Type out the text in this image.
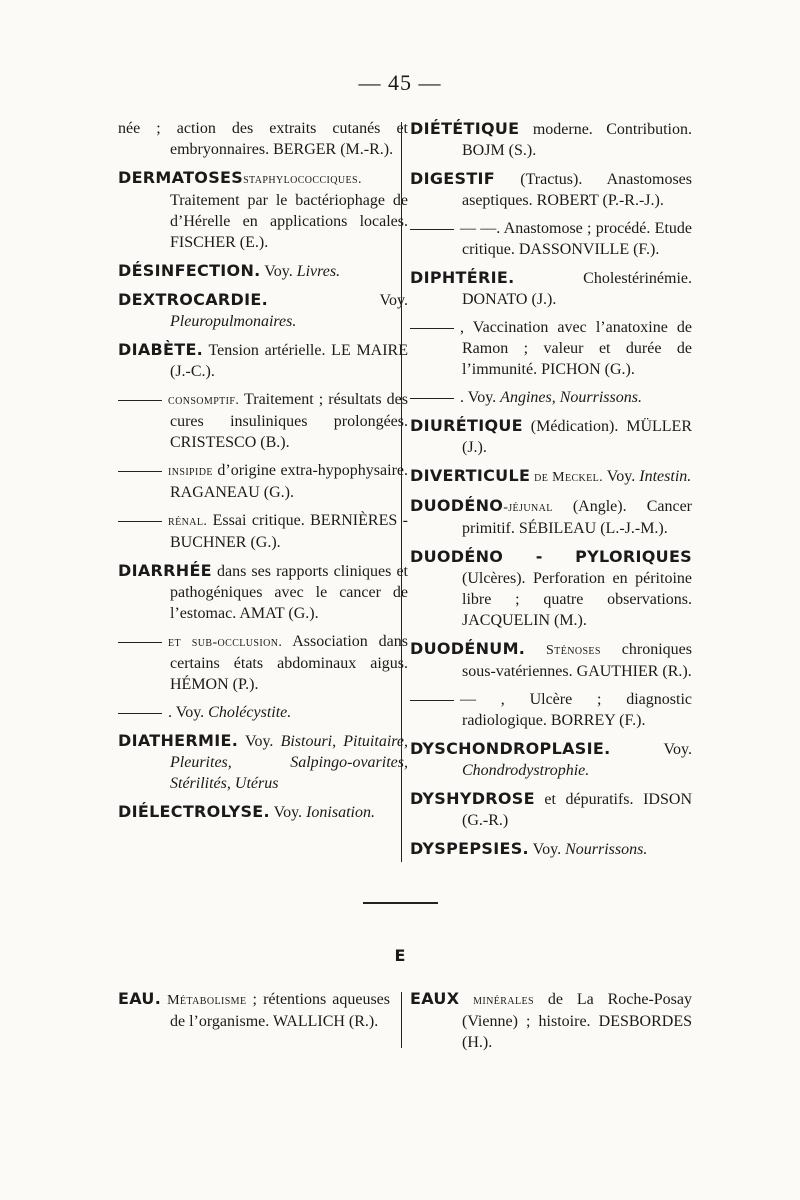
— 45 —

née ; action des extraits cutanés et embryonnaires. BERGER (M.-R.).

DERMATOSESstaphylococciques. Traitement par le bactériophage de d’Hérelle en applications locales. FISCHER (E.).

DÉSINFECTION. Voy. Livres.

DEXTROCARDIE. Voy. Pleuropulmonaires.

DIABÈTE. Tension artérielle. LE MAIRE (J.-C.).

consomptif. Traitement ; résultats des cures insuliniques prolongées. CRISTESCO (B.).

insipide d’origine extra-hypophysaire. RAGANEAU (G.).

rénal. Essai critique. BERNIÈRES - BUCHNER (G.).

DIARRHÉE dans ses rapports cliniques et pathogéniques avec le cancer de l’estomac. AMAT (G.).

et sub-occlusion. Association dans certains états abdominaux aigus. HÉMON (P.).

. Voy. Cholécystite.

DIATHERMIE. Voy. Bistouri, Pituitaire, Pleurites, Salpingo-ovarites, Stérilités, Utérus

DIÉLECTROLYSE. Voy. Ionisation.

DIÉTÉTIQUE moderne. Contribution. BOJM (S.).

DIGESTIF (Tractus). Anastomoses aseptiques. ROBERT (P.-R.-J.).

— —. Anastomose ; procédé. Etude critique. DASSONVILLE (F.).

DIPHTÉRIE. Cholestérinémie. DONATO (J.).

, Vaccination avec l’anatoxine de Ramon ; valeur et durée de l’immunité. PICHON (G.).

. Voy. Angines, Nourrissons.

DIURÉTIQUE (Médication). MÜLLER (J.).

DIVERTICULE de Meckel. Voy. Intestin.

DUODÉNO-jéjunal (Angle). Cancer primitif. SÉBILEAU (L.-J.-M.).

DUODÉNO - PYLORIQUES (Ulcères). Perforation en péritoine libre ; quatre observations. JACQUELIN (M.).

DUODÉNUM. Sténoses chroniques sous-vatériennes. GAUTHIER (R.).

— , Ulcère ; diagnostic radiologique. BORREY (F.).

DYSCHONDROPLASIE. Voy. Chondrodystrophie.

DYSHYDROSE et dépuratifs. IDSON (G.-R.)

DYSPEPSIES. Voy. Nourrissons.

E

EAU. Métabolisme ; rétentions aqueuses de l’organisme. WALLICH (R.).

EAUX minérales de La Roche-Posay (Vienne) ; histoire. DESBORDES (H.).
